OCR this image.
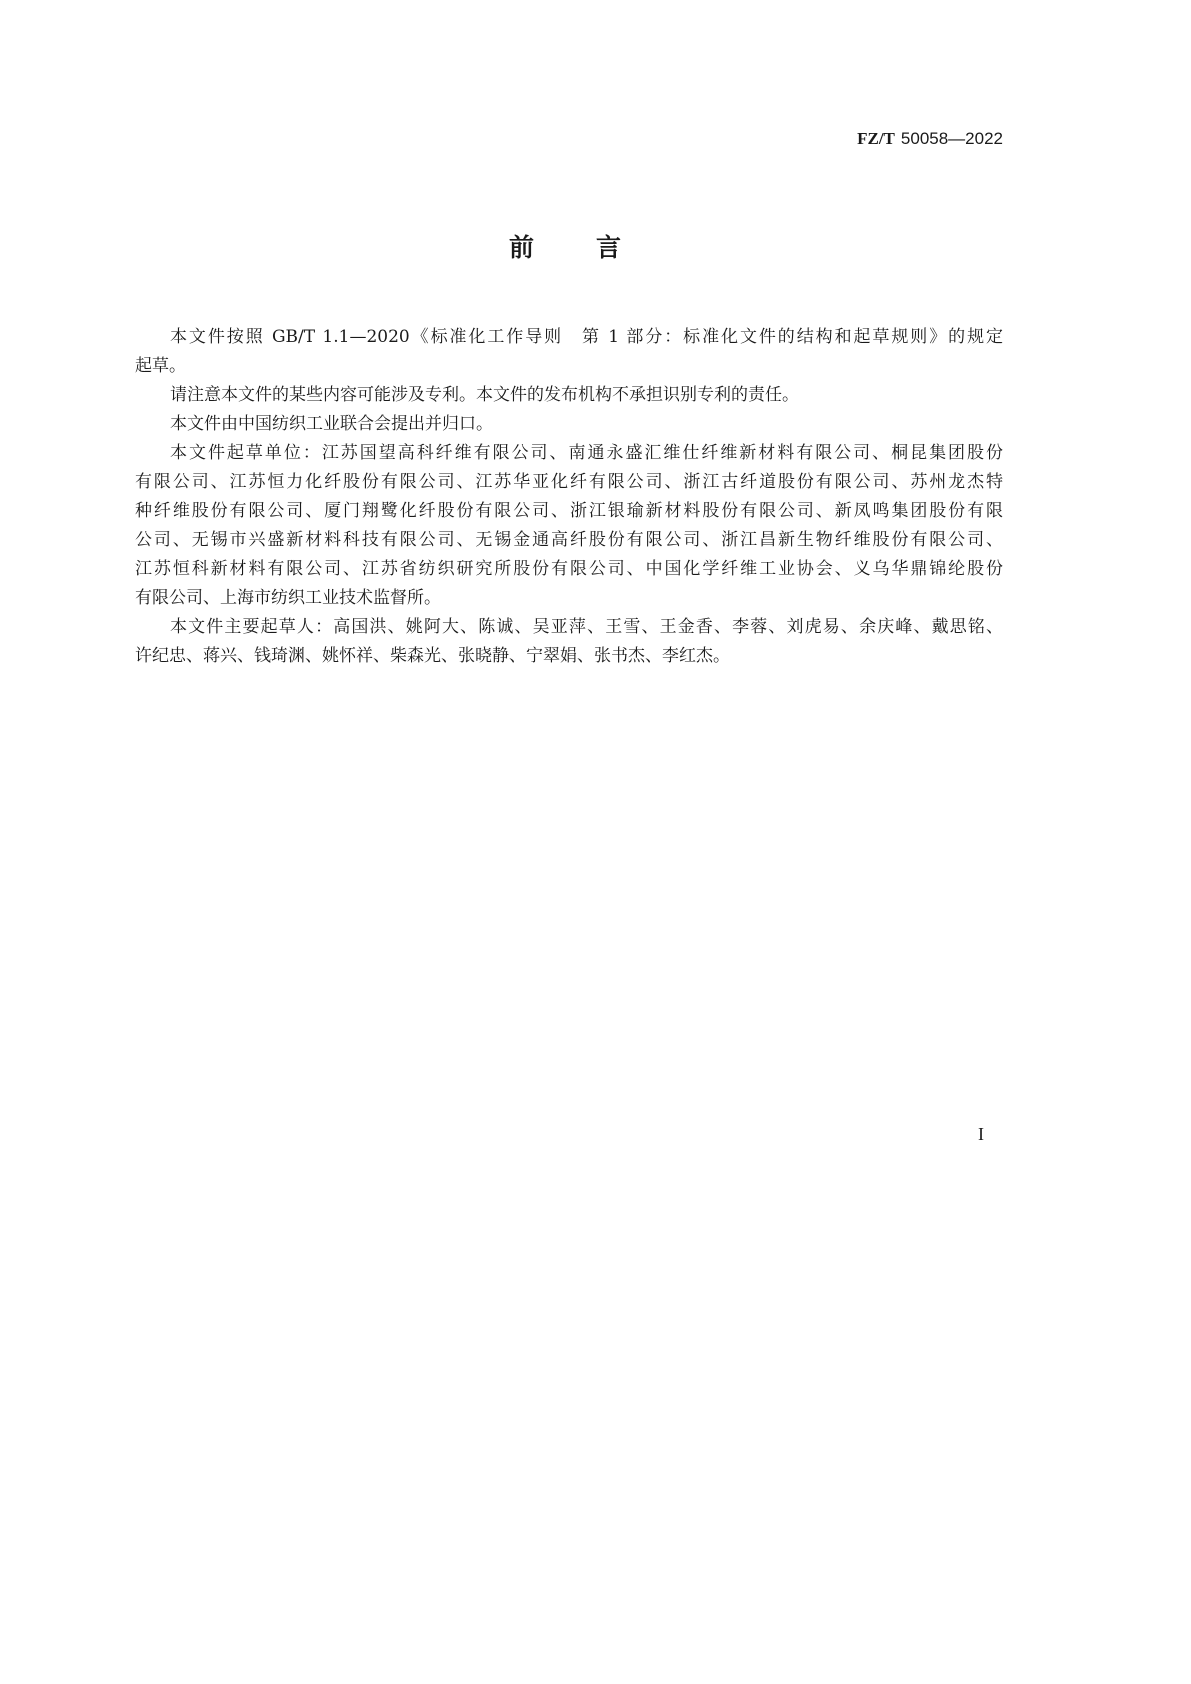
FZ/T 50058—2022
前言
本文件按照 GB/T 1.1—2020《标准化工作导则　第 1 部分：标准化文件的结构和起草规则》的规定
起草。
请注意本文件的某些内容可能涉及专利。本文件的发布机构不承担识别专利的责任。
本文件由中国纺织工业联合会提出并归口。
本文件起草单位：江苏国望高科纤维有限公司、南通永盛汇维仕纤维新材料有限公司、桐昆集团股份
有限公司、江苏恒力化纤股份有限公司、江苏华亚化纤有限公司、浙江古纤道股份有限公司、苏州龙杰特
种纤维股份有限公司、厦门翔鹭化纤股份有限公司、浙江银瑜新材料股份有限公司、新凤鸣集团股份有限
公司、无锡市兴盛新材料科技有限公司、无锡金通高纤股份有限公司、浙江昌新生物纤维股份有限公司、
江苏恒科新材料有限公司、江苏省纺织研究所股份有限公司、中国化学纤维工业协会、义乌华鼎锦纶股份
有限公司、上海市纺织工业技术监督所。
本文件主要起草人：高国洪、姚阿大、陈诚、吴亚萍、王雪、王金香、李蓉、刘虎易、余庆峰、戴思铭、
许纪忠、蒋兴、钱琦渊、姚怀祥、柴森光、张晓静、宁翠娟、张书杰、李红杰。
I
